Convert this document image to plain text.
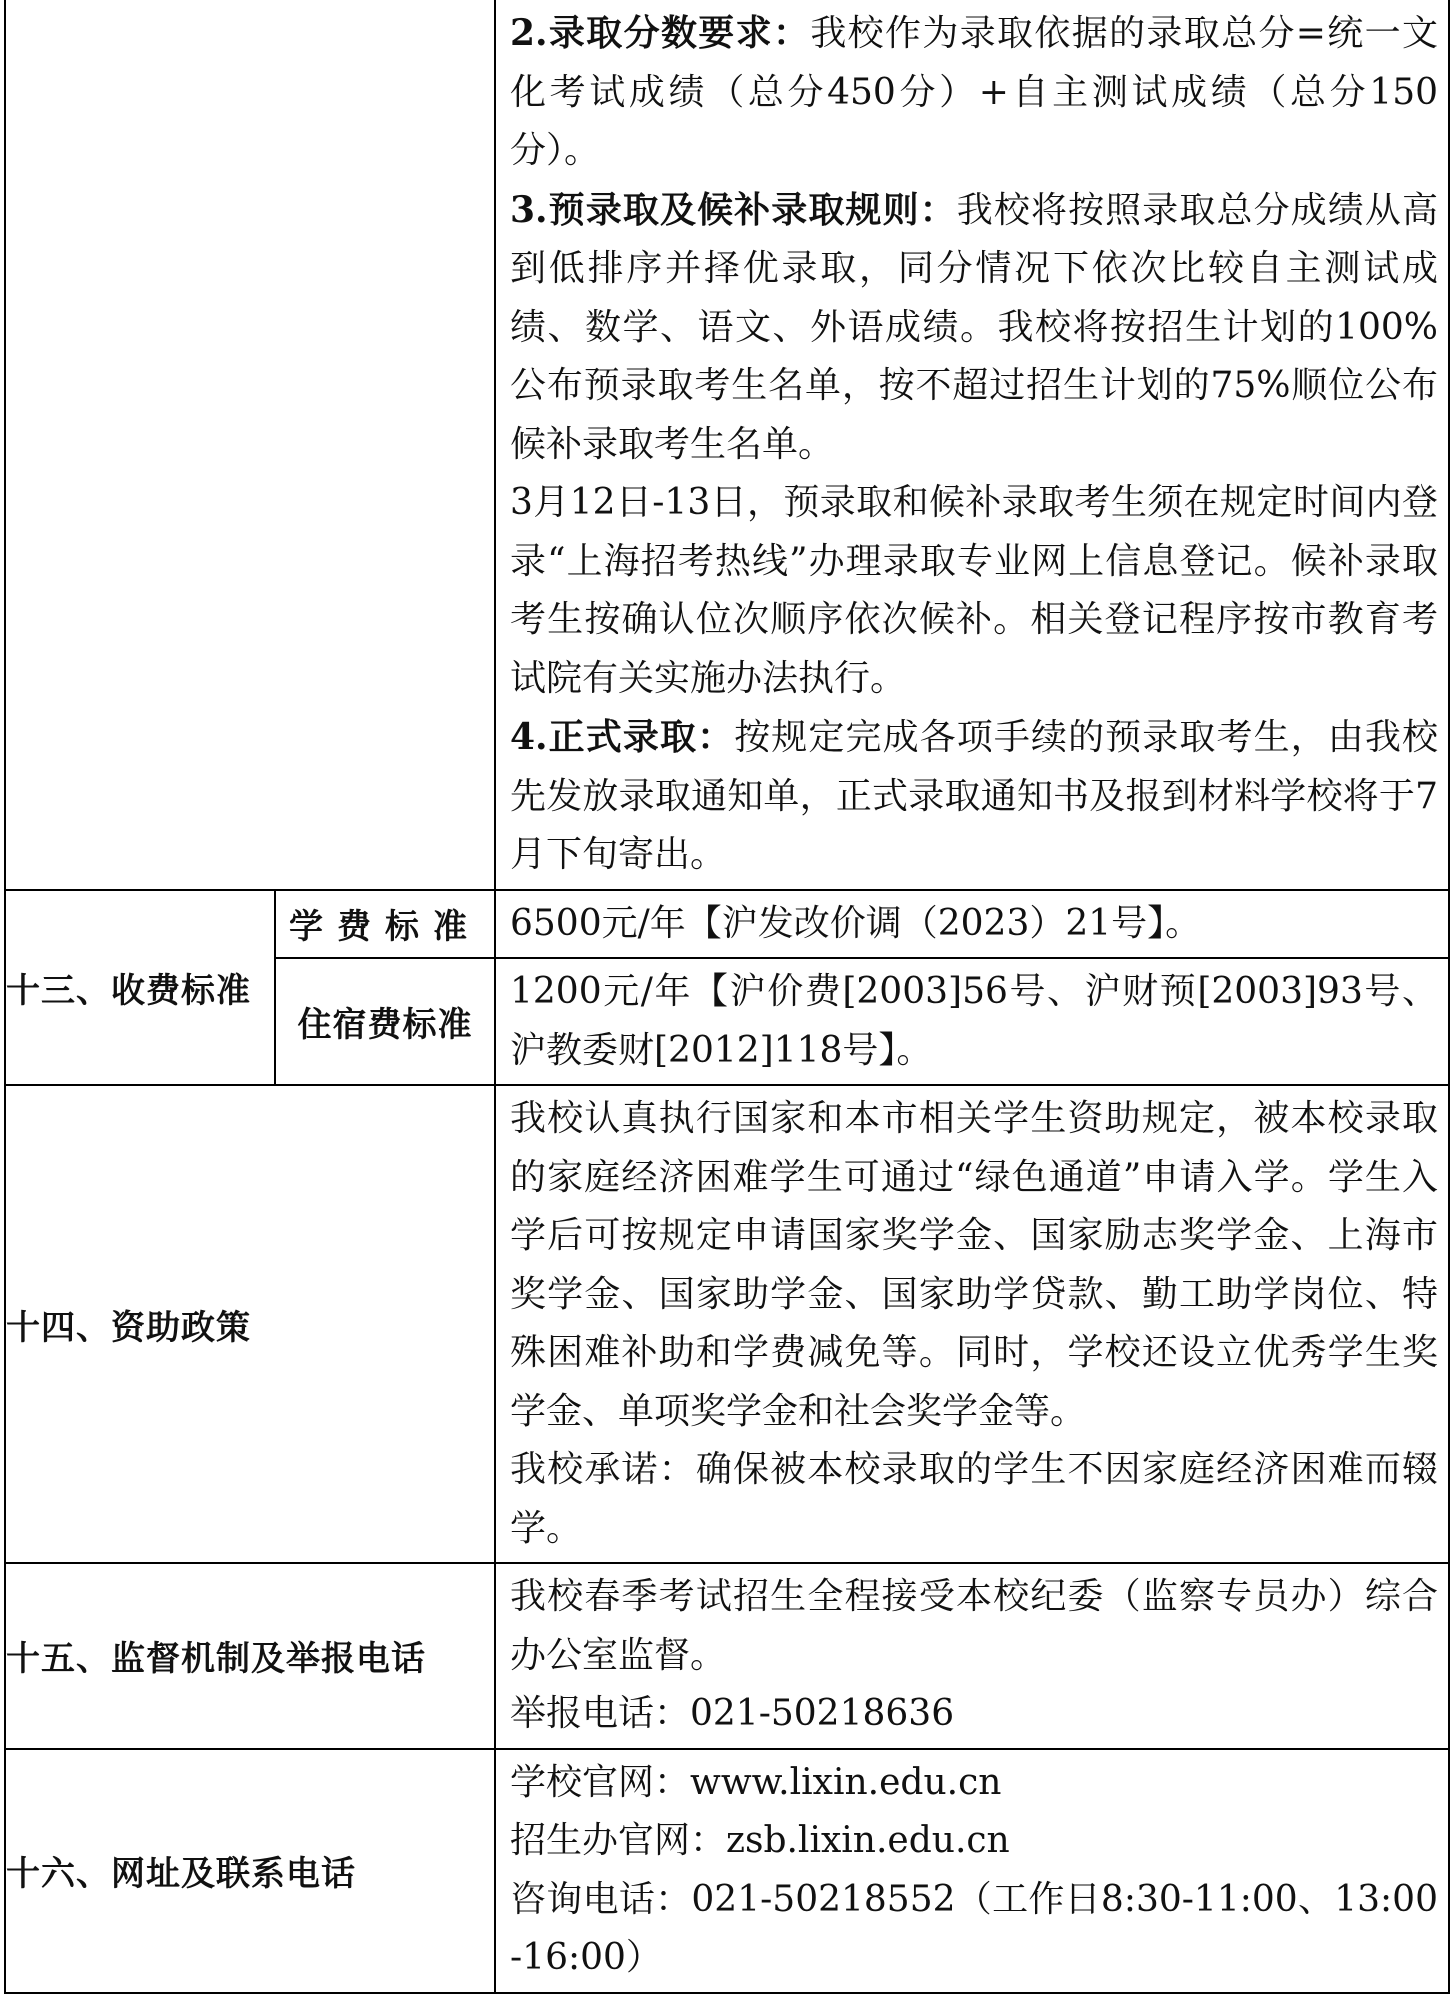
		2.录取分数要求：我校作为录取依据的录取总分=统一文化考试成绩（总分450分）+自主测试成绩（总分150分）。

3.预录取及候补录取规则：我校将按照录取总分成绩从高到低排序并择优录取，同分情况下依次比较自主测试成绩、数学、语文、外语成绩。我校将按招生计划的100%公布预录取考生名单，按不超过招生计划的75%顺位公布候补录取考生名单。

3月12日-13日，预录取和候补录取考生须在规定时间内登录“上海招考热线”办理录取专业网上信息登记。候补录取考生按确认位次顺序依次候补。相关登记程序按市教育考试院有关实施办法执行。

4.正式录取：按规定完成各项手续的预录取考生，由我校先发放录取通知单，正式录取通知书及报到材料学校将于7月下旬寄出。

十三、收费标准	学费标准	6500元/年【沪发改价调（2023）21号】。

	住宿费标准	1200元/年【沪价费[2003]56号、沪财预[2003]93号、沪教委财[2012]118号】。

十四、资助政策		我校认真执行国家和本市相关学生资助规定，被本校录取的家庭经济困难学生可通过“绿色通道”申请入学。学生入学后可按规定申请国家奖学金、国家励志奖学金、上海市奖学金、国家助学金、国家助学贷款、勤工助学岗位、特殊困难补助和学费减免等。同时，学校还设立优秀学生奖学金、单项奖学金和社会奖学金等。

我校承诺：确保被本校录取的学生不因家庭经济困难而辍学。

十五、监督机制及举报电话		我校春季考试招生全程接受本校纪委（监察专员办）综合办公室监督。

举报电话：021-50218636

十六、网址及联系电话		学校官网：www.lixin.edu.cn

招生办官网：zsb.lixin.edu.cn

咨询电话：021-50218552（工作日8:30-11:00、13:00-16:00）
